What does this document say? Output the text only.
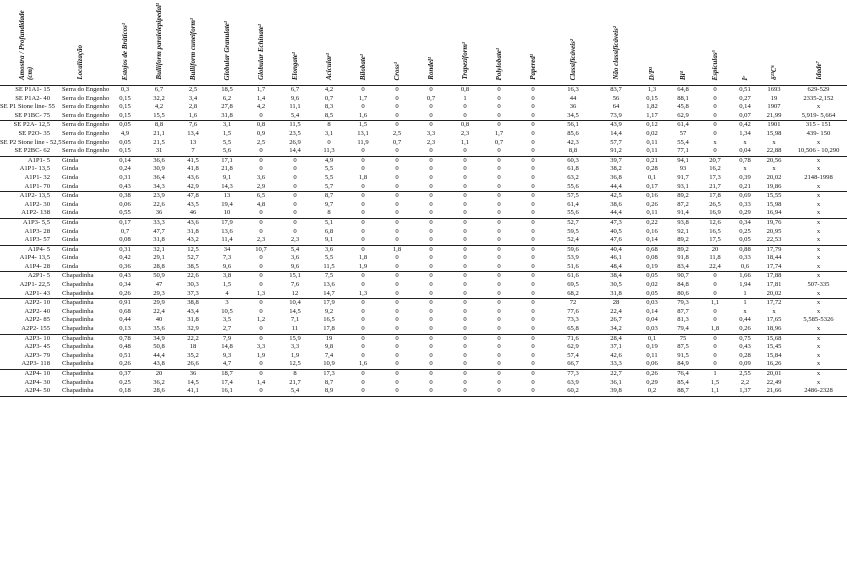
Amostra / Profundidade (cm)	Localização	Estojos de Bráticos¹	Bulliform paralelepipedal¹	Bulliform cuneiform¹	Globular Granulate¹	Globular Echinate¹	Elongate¹	Acicular¹	Bilobate¹	Cross¹	Rondel¹	Trapeziform¹	Polylobate¹	Papered¹	Classificáveis²	Não classificáveis²	D/P³	Bi⁴	Espiculas⁵	Iᶜ	δ¹³C⁶	Idade⁷
SE P1A1- 15	Serra do Engenho	0,3	6,7	2,5	18,5	1,7	6,7	4,2	0	0	0	0,8	0	0	16,3	83,7	1,3	64,8	0	0,51	1693	629-529
SE P1A2- 40	Serra do Engenho	0,15	32,2	3,4	6,2	1,4	9,6	0,7	1,7	0	0,7	1	0	0	44	56	0,15	88,1	0	0,27	19	2335-2,152
SE P1 Stone line- 55	Serra do Engenho	0,15	4,2	2,8	27,8	4,2	11,1	8,3	0	0	0	0	0	0	36	64	1,82	45,8	0	0,14	1907	x
SE P1BC- 75	Serra do Engenho	0,15	15,5	1,6	31,8	0	5,4	8,5	1,6	0	0	0	0	0	34,5	73,9	1,17	62,9	0	0,07	21,99	5,919- 5,664
SE P2A- 12,5	Serra do Engenho	0,05	8,8	7,6	3,1	0,8	11,5	8	1,5	0	0	0,8	0	0	56,1	43,9	0,12	61,4	0	0,42	1901	315 - 151
SE P2O- 35	Serra do Engenho	4,9	21,1	13,4	1,5	0,9	23,5	3,1	13,1	2,5	3,3	2,3	1,7	0	85,6	14,4	0,02	57	0	1,34	15,98	439- 150
SE P2 Stone line - 52,5	Serra do Engenho	0,05	21,5	13	5,5	2,5	26,9	0	11,9	0,7	2,3	1,1	0,7	0	42,3	57,7	0,11	55,4	x	x	x	x
SE P2BC- 62	Serra do Engenho	0,15	31	7	5,6	0	14,4	11,3	0	0	0	0	0	0	8,8	91,2	0,11	77,1	0	0,04	22,88	10,506 - 10,290
A1P1- 5	Ginda	0,14	36,6	41,5	17,1	0	0	4,9	0	0	0	0	0	0	60,3	39,7	0,21	94,1	20,7	0,78	20,56	x
A1P1- 13,5	Ginda	0,24	30,9	41,8	21,8	0	0	5,5	0	0	0	0	0	0	61,8	38,2	0,28	93	16,2	x	x	x
A1P1- 32	Ginda	0,31	36,4	43,6	9,1	3,6	0	5,5	1,8	0	0	0	0	0	63,2	36,8	0,1	91,7	17,3	0,39	20,02	2148-1998
A1P1- 70	Ginda	0,43	34,3	42,9	14,3	2,9	0	5,7	0	0	0	0	0	0	55,6	44,4	0,17	93,1	21,7	0,21	19,86	x
A1P2- 13,5	Ginda	0,38	23,9	47,8	13	6,5	0	8,7	0	0	0	0	0	0	57,5	42,5	0,16	89,2	17,8	0,69	15,55	x
A1P2- 30	Ginda	0,06	22,6	43,5	19,4	4,8	0	9,7	0	0	0	0	0	0	61,4	38,6	0,26	87,2	26,5	0,33	15,98	x
A1P2- 138	Ginda	0,55	36	46	10	0	0	8	0	0	0	0	0	0	55,6	44,4	0,11	91,4	16,9	0,29	16,94	x
A1P3- 5,5	Ginda	0,17	33,3	43,6	17,9	0	0	5,1	0	0	0	0	0	0	52,7	47,3	0,22	93,8	12,6	0,34	19,76	x
A1P3- 28	Ginda	0,7	47,7	31,8	13,6	0	0	6,8	0	0	0	0	0	0	59,5	40,5	0,16	92,1	16,5	0,25	20,95	x
A1P3- 57	Ginda	0,08	31,8	43,2	11,4	2,3	2,3	9,1	0	0	0	0	0	0	52,4	47,6	0,14	89,2	17,5	0,05	22,53	x
A1P4- 5	Ginda	0,31	32,1	12,5	34	10,7	5,4	3,6	0	1,8	0	0	0	0	59,6	40,4	0,68	89,2	20	0,88	17,79	x
A1P4- 13,5	Ginda	0,42	29,1	52,7	7,3	0	3,6	5,5	1,8	0	0	0	0	0	53,9	46,1	0,08	91,8	11,8	0,33	18,44	x
A1P4- 28	Ginda	0,36	28,8	38,5	9,6	0	9,6	11,5	1,9	0	0	0	0	0	51,6	48,4	0,19	83,4	22,4	0,6	17,74	x
A2P1- 5	Chapadinha	0,43	50,9	22,6	3,8	0	15,1	7,5	0	0	0	0	0	0	61,6	38,4	0,05	90,7	0	1,66	17,88	x
A2P1- 22,5	Chapadinha	0,34	47	30,3	1,5	0	7,6	13,6	0	0	0	0	0	0	69,5	30,5	0,02	84,8	0	1,94	17,81	507-335
A2P1- 43	Chapadinha	0,26	29,3	37,3	4	1,3	12	14,7	1,3	0	0	0	0	0	68,2	31,8	0,05	80,6	0	1	20,02	x
A2P2- 10	Chapadinha	0,91	29,9	38,8	3	0	10,4	17,9	0	0	0	0	0	0	72	28	0,03	79,3	1,1	1	17,72	x
A2P2- 40	Chapadinha	0,68	22,4	43,4	10,5	0	14,5	9,2	0	0	0	0	0	0	77,6	22,4	0,14	87,7	0	x	x	x
A2P2- 85	Chapadinha	0,44	40	31,8	3,5	1,2	7,1	16,5	0	0	0	0	0	0	73,3	26,7	0,04	81,3	0	0,44	17,65	5,585-5326
A2P2- 155	Chapadinha	0,13	35,6	32,9	2,7	0	11	17,8	0	0	0	0	0	0	65,8	34,2	0,03	79,4	1,8	0,26	18,96	x
A2P3- 10	Chapadinha	0,78	34,9	22,2	7,9	0	15,9	19	0	0	0	0	0	0	71,6	28,4	0,1	75	0	0,75	15,68	x
A2P3- 45	Chapadinha	0,48	50,8	18	14,8	3,3	3,3	9,8	0	0	0	0	0	0	62,9	37,1	0,19	87,5	0	0,43	15,45	x
A2P3- 79	Chapadinha	0,51	44,4	35,2	9,3	1,9	1,9	7,4	0	0	0	0	0	0	57,4	42,6	0,11	91,5	0	0,28	15,84	x
A2P3- 118	Chapadinha	0,26	43,8	26,6	4,7	0	12,5	10,9	1,6	0	0	0	0	0	66,7	33,3	0,06	84,9	0	0,09	16,26	x
A2P4- 10	Chapadinha	0,37	20	36	18,7	0	8	17,3	0	0	0	0	0	0	77,3	22,7	0,26	76,4	1	2,55	20,01	x
A2P4- 30	Chapadinha	0,25	36,2	14,5	17,4	1,4	21,7	8,7	0	0	0	0	0	0	63,9	36,1	0,29	85,4	1,5	2,2	22,49	x
A2P4- 50	Chapadinha	0,18	28,6	41,1	16,1	0	5,4	8,9	0	0	0	0	0	0	60,2	39,8	0,2	88,7	1,1	1,37	21,66	2486-2328
